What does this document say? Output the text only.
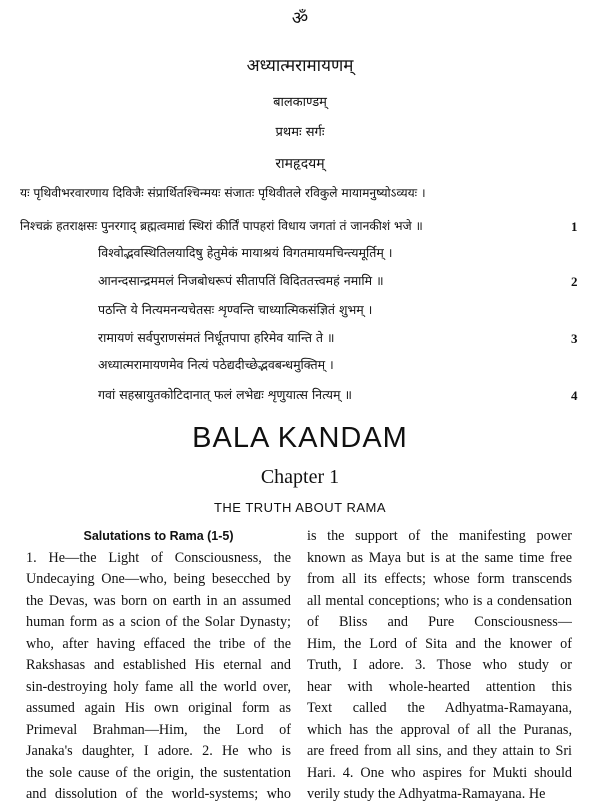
ॐ
अध्यात्मरामायणम्
बालकाण्डम्
प्रथमः सर्गः
रामहृदयम्
यः पृथिवीभरवारणाय दिविजैः संप्रार्थितश्चिन्मयः संजातः पृथिवीतले रविकुले मायामनुष्योऽव्ययः ।
निश्चक्रं हतराक्षसः पुनरगाद् ब्रह्मत्वमाद्यं स्थिरां कीर्तिं पापहरां विधाय जगतां तं जानकीशं भजे ॥	1
विश्वोद्भवस्थितिलयादिषु हेतुमेकं मायाश्रयं विगतमायमचिन्त्यमूर्तिम् ।
आनन्दसान्द्रममलं निजबोधरूपं सीतापतिं विदिततत्त्वमहं नमामि ॥	2
पठन्ति ये नित्यमनन्यचेतसः शृण्वन्ति चाध्यात्मिकसंज्ञितं शुभम् ।
रामायणं सर्वपुराणसंमतं निर्धूतपापा हरिमेव यान्ति ते ॥	3
अध्यात्मरामायणमेव नित्यं पठेद्यदीच्छेद्भवबन्धमुक्तिम् ।
गवां सहस्रायुतकोटिदानात् फलं लभेद्यः शृणुयात्स नित्यम् ॥	4
BALA KANDAM
Chapter 1
THE TRUTH ABOUT RAMA
Salutations to Rama (1-5)
1. He—the Light of Consciousness, the
Undecaying One—who, being besecched by
the Devas, was born on earth in an assumed
human form as a scion of the Solar Dynasty;
who, after having effaced the tribe of the
Rakshasas and established His eternal and
sin-destroying holy fame all the world over,
assumed again His own original form as
Primeval Brahman—Him, the Lord of
Janaka's daughter, I adore. 2. He who is
the sole cause of the origin, the sustentation
and dissolution of the world-systems; who
is the support of the manifesting power
known as Maya but is at the same time free
from all its effects; whose form transcends
all mental conceptions; who is a condensation
of Bliss and Pure Consciousness—
Him, the Lord of Sita and the knower of
Truth, I adore. 3. Those who study or
hear with whole-hearted attention this
Text called the Adhyatma-Ramayana,
which has the approval of all the Puranas,
are freed from all sins, and they attain to Sri
Hari. 4. One who aspires for Mukti should
verily study the Adhyatma-Ramayana. He
